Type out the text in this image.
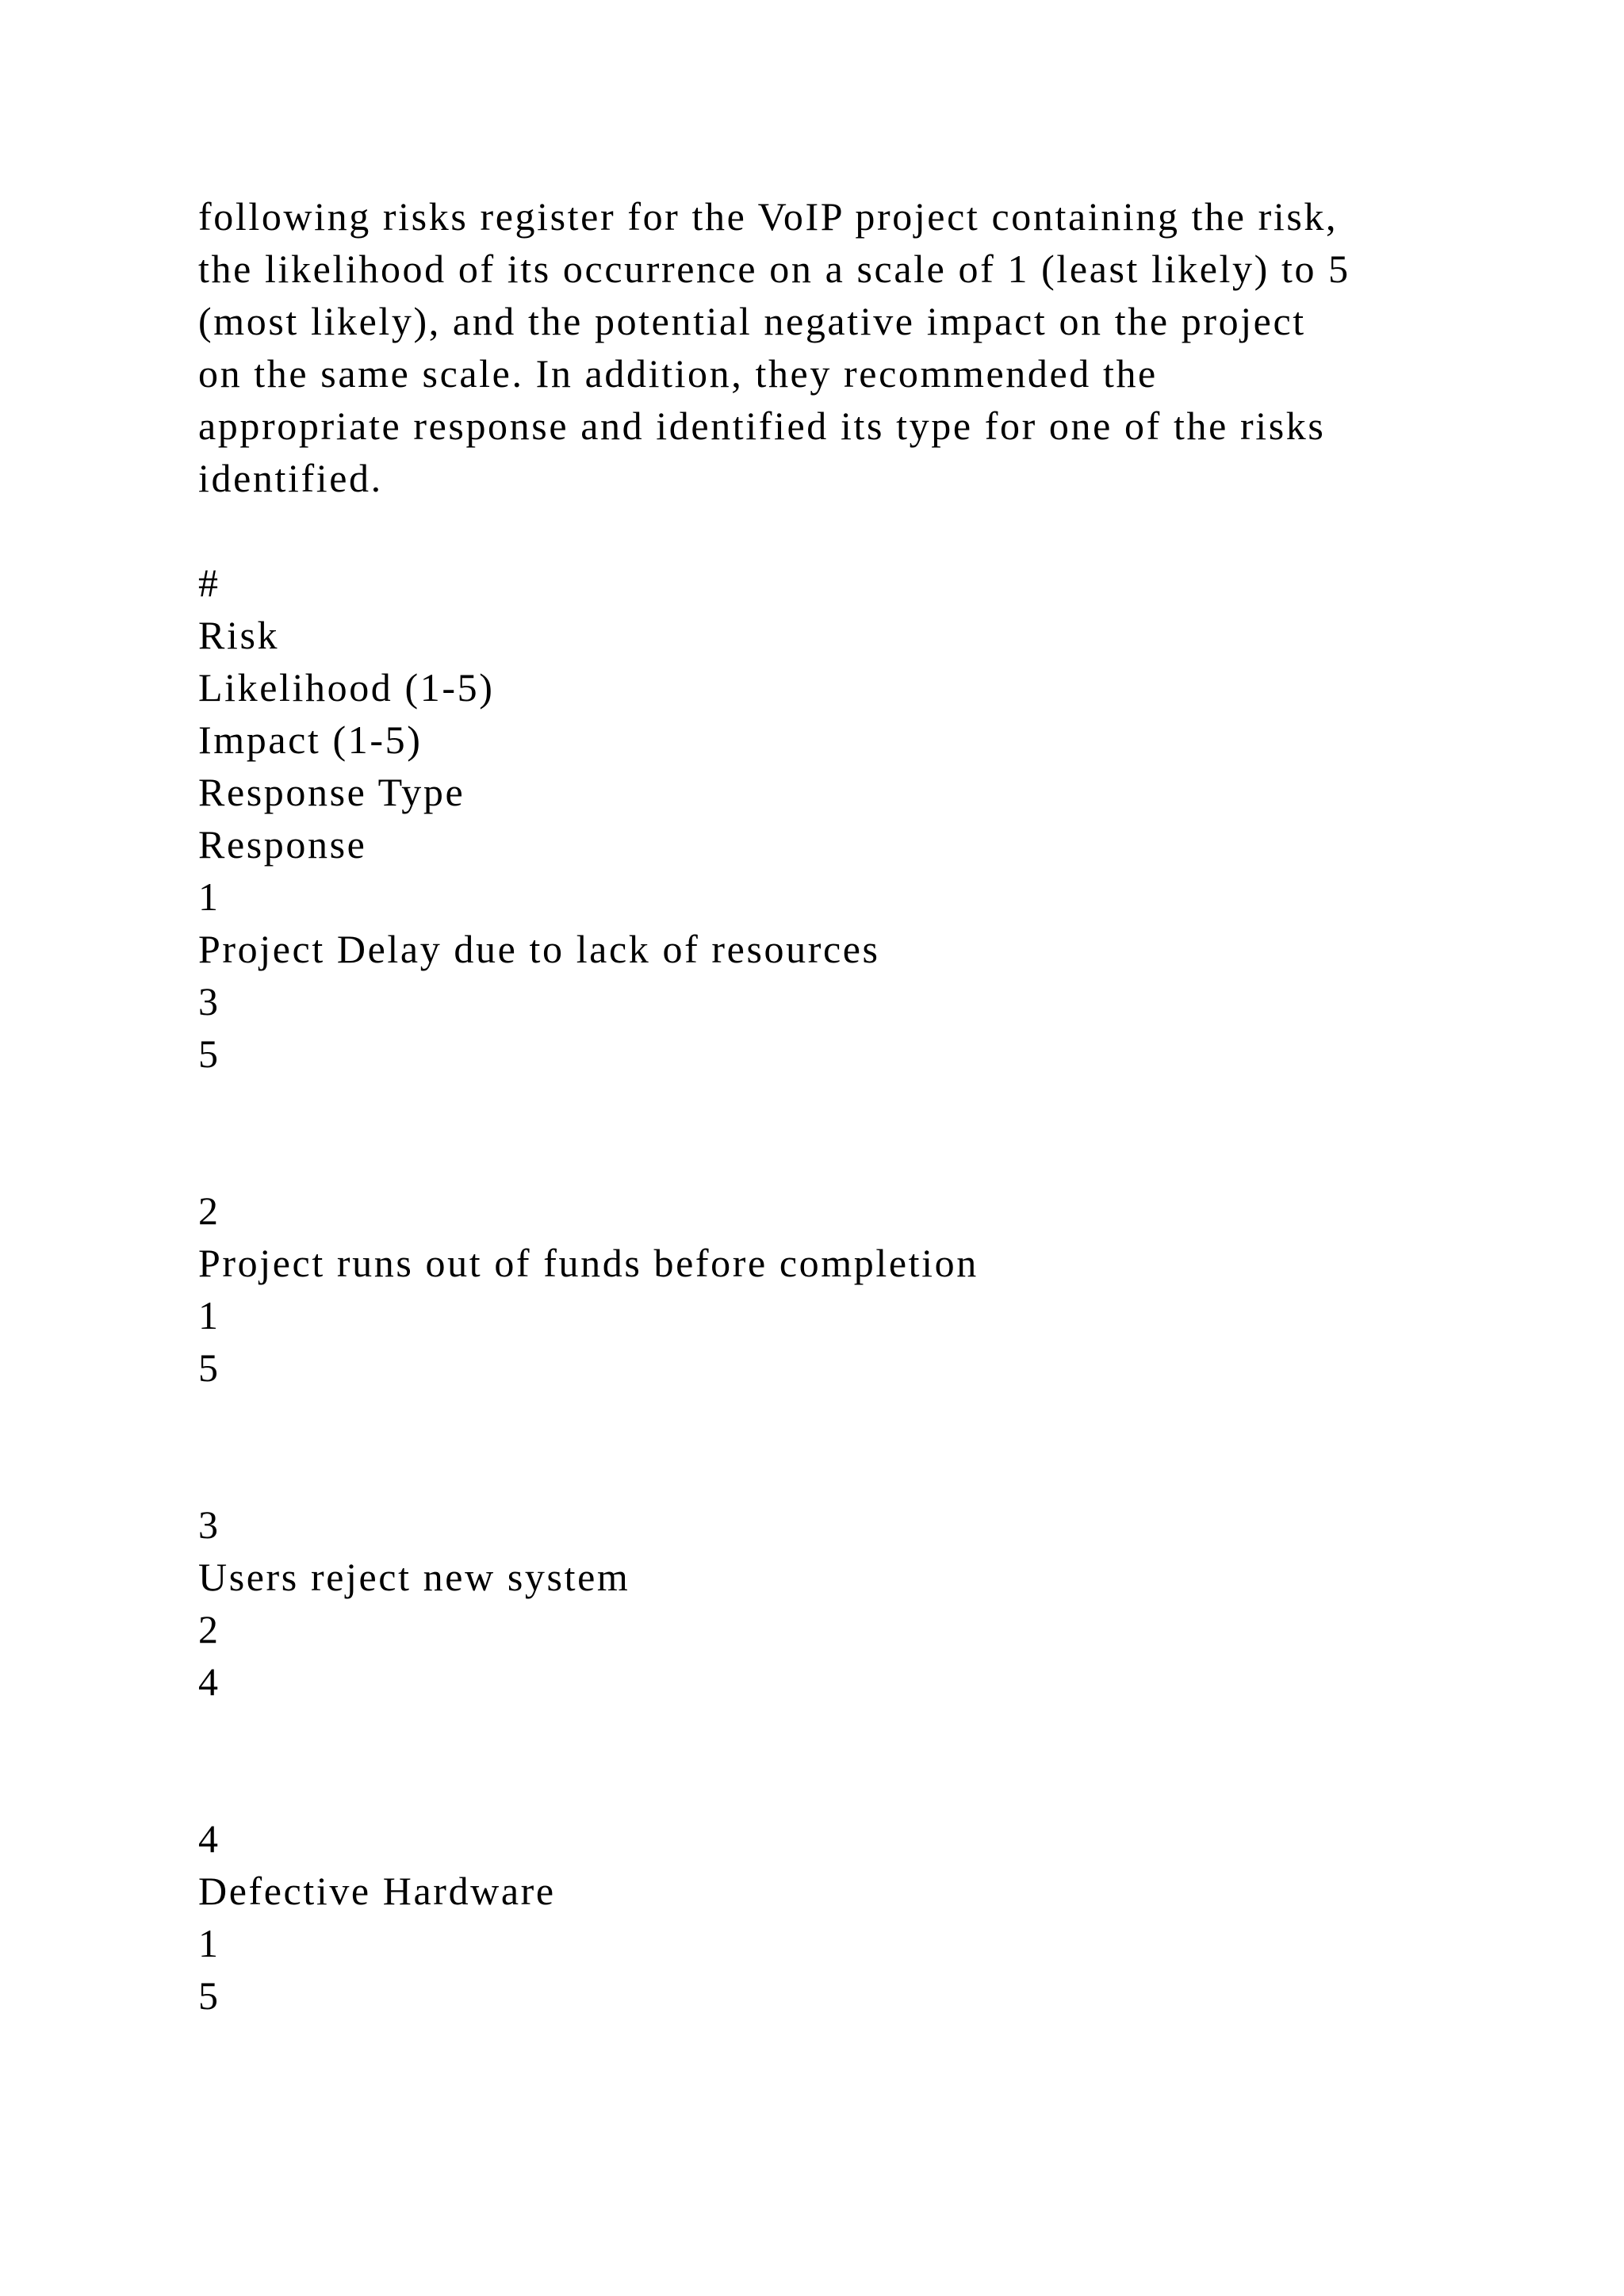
following risks register for the VoIP project containing the risk,
the likelihood of its occurrence on a scale of 1 (least likely) to 5
(most likely), and the potential negative impact on the project
on the same scale. In addition, they recommended the
appropriate response and identified its type for one of the risks
identified.

#
Risk
Likelihood (1-5)
Impact (1-5)
Response Type
Response
1
Project Delay due to lack of resources
3
5
2
Project runs out of funds before completion
1
5
3
Users reject new system
2
4
4
Defective Hardware
1
5
